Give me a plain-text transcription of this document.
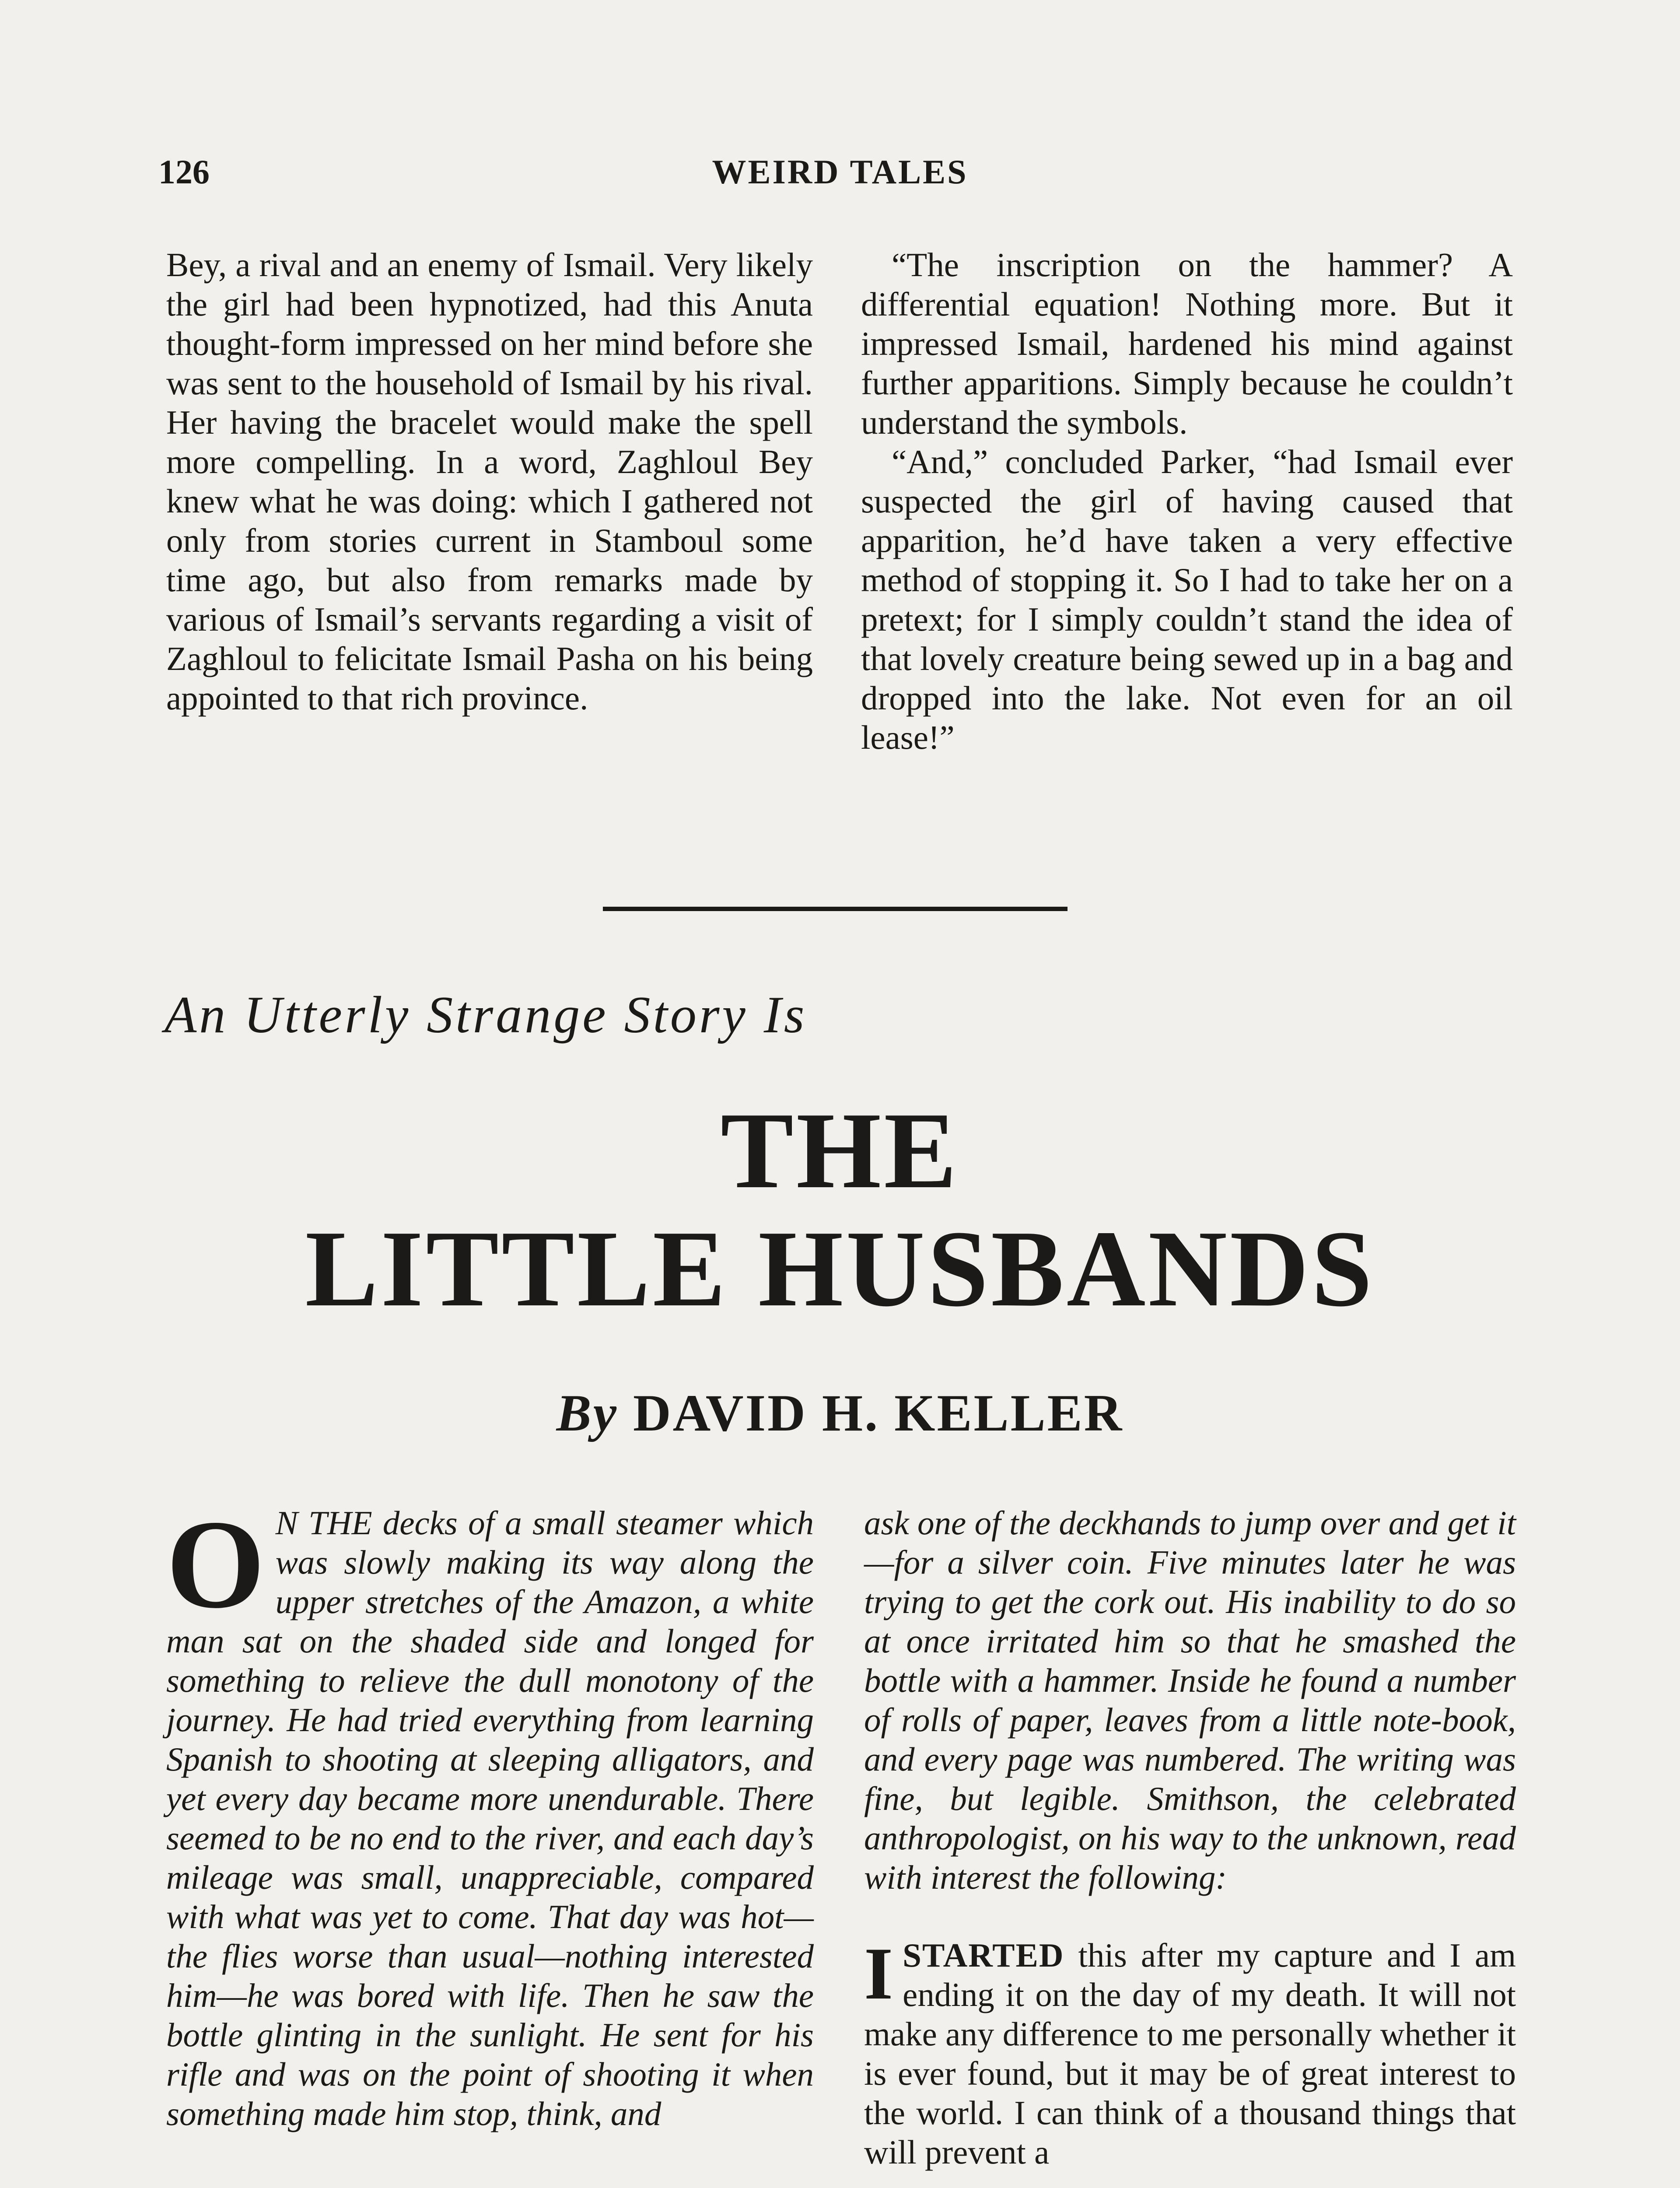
126	WEIRD TALES

Bey, a rival and an enemy of Ismail. Very likely the girl had been hypnotized, had this Anuta thought-form impressed on her mind before she was sent to the household of Ismail by his rival. Her having the bracelet would make the spell more compelling. In a word, Zaghloul Bey knew what he was doing: which I gathered not only from stories current in Stamboul some time ago, but also from remarks made by various of Ismail’s servants regarding a visit of Zaghloul to felicitate Ismail Pasha on his being appointed to that rich province.

“The inscription on the hammer? A differential equation! Nothing more. But it impressed Ismail, hardened his mind against further apparitions. Simply because he couldn’t understand the symbols.

“And,” concluded Parker, “had Ismail ever suspected the girl of having caused that apparition, he’d have taken a very effective method of stopping it. So I had to take her on a pretext; for I simply couldn’t stand the idea of that lovely creature being sewed up in a bag and dropped into the lake. Not even for an oil lease!”

An Utterly Strange Story Is
THE
LITTLE HUSBANDS
By DAVID H. KELLER

O N THE decks of a small steamer which was slowly making its way along the upper stretches of the Amazon, a white man sat on the shaded side and longed for something to relieve the dull monotony of the journey. He had tried everything from learning Spanish to shooting at sleeping alligators, and yet every day became more unendurable. There seemed to be no end to the river, and each day’s mileage was small, unappreciable, compared with what was yet to come. That day was hot—the flies worse than usual—nothing interested him—he was bored with life. Then he saw the bottle glinting in the sunlight. He sent for his rifle and was on the point of shooting it when something made him stop, think, and

ask one of the deckhands to jump over and get it—for a silver coin. Five minutes later he was trying to get the cork out. His inability to do so at once irritated him so that he smashed the bottle with a hammer. Inside he found a number of rolls of paper, leaves from a little note-book, and every page was numbered. The writing was fine, but legible. Smithson, the celebrated anthropologist, on his way to the unknown, read with interest the following:

I STARTED this after my capture and I am ending it on the day of my death. It will not make any difference to me personally whether it is ever found, but it may be of great interest to the world. I can think of a thousand things that will prevent a
